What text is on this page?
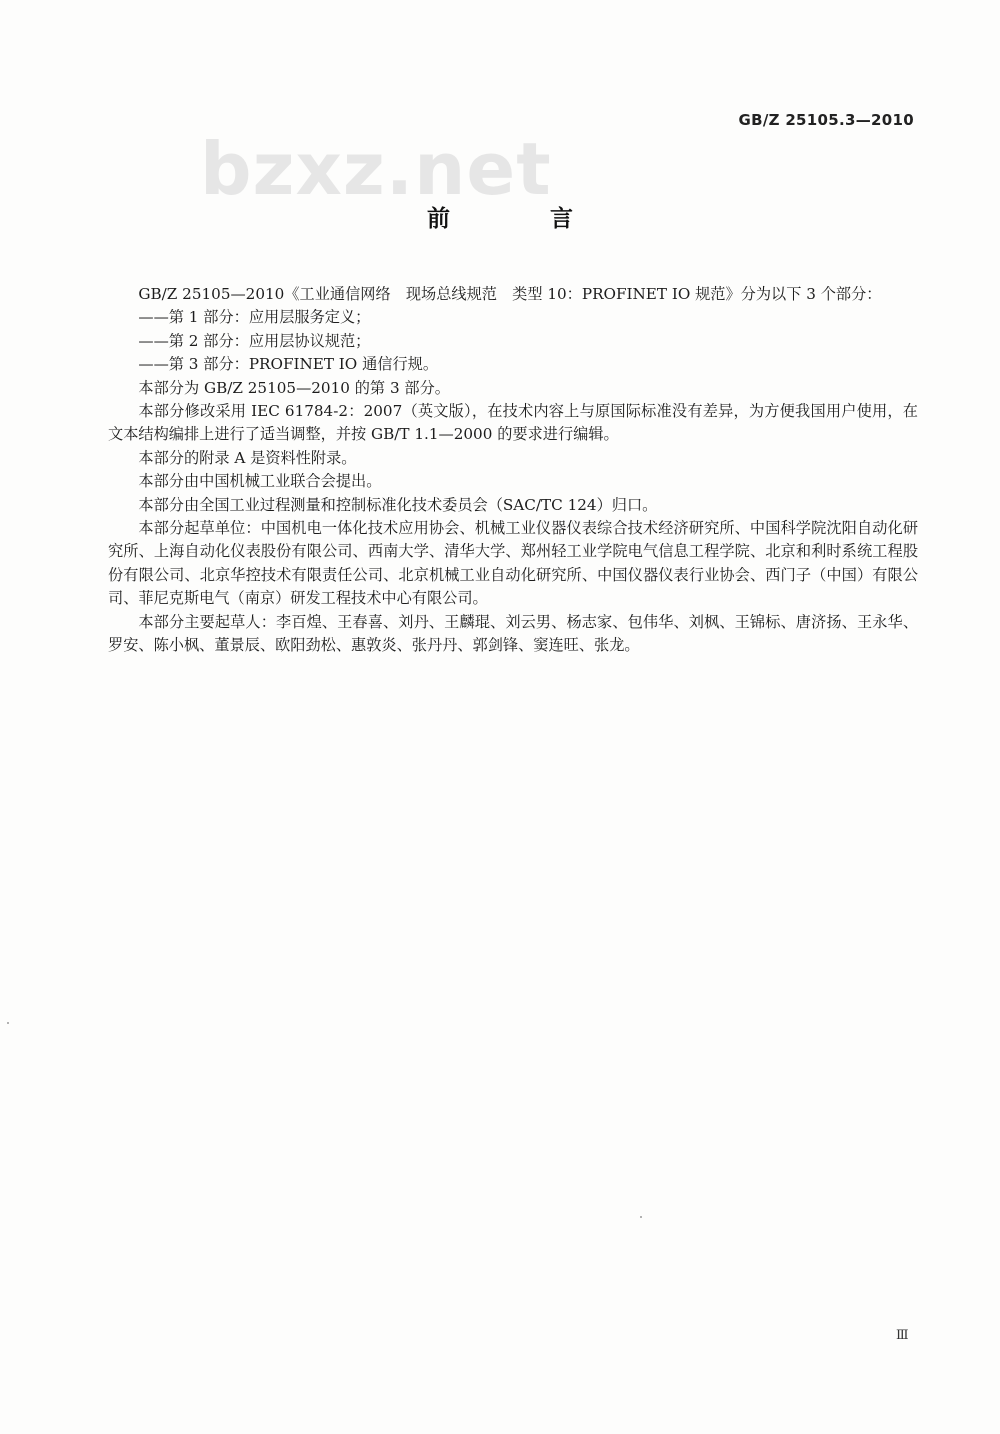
GB/Z 25105.3—2010
bzxz.net
前 言

GB/Z 25105—2010《工业通信网络　现场总线规范　类型 10：PROFINET IO 规范》分为以下 3 个部分：

——第 1 部分：应用层服务定义；

——第 2 部分：应用层协议规范；

——第 3 部分：PROFINET IO 通信行规。

本部分为 GB/Z 25105—2010 的第 3 部分。

本部分修改采用 IEC 61784-2：2007（英文版），在技术内容上与原国际标准没有差异，为方便我国用户使用，在文本结构编排上进行了适当调整，并按 GB/T 1.1—2000 的要求进行编辑。

本部分的附录 A 是资料性附录。

本部分由中国机械工业联合会提出。

本部分由全国工业过程测量和控制标准化技术委员会（SAC/TC 124）归口。

本部分起草单位：中国机电一体化技术应用协会、机械工业仪器仪表综合技术经济研究所、中国科学院沈阳自动化研究所、上海自动化仪表股份有限公司、西南大学、清华大学、郑州轻工业学院电气信息工程学院、北京和利时系统工程股份有限公司、北京华控技术有限责任公司、北京机械工业自动化研究所、中国仪器仪表行业协会、西门子（中国）有限公司、菲尼克斯电气（南京）研发工程技术中心有限公司。

本部分主要起草人：李百煌、王春喜、刘丹、王麟琨、刘云男、杨志家、包伟华、刘枫、王锦标、唐济扬、王永华、罗安、陈小枫、董景辰、欧阳劲松、惠敦炎、张丹丹、郭剑锋、窦连旺、张龙。

Ⅲ
